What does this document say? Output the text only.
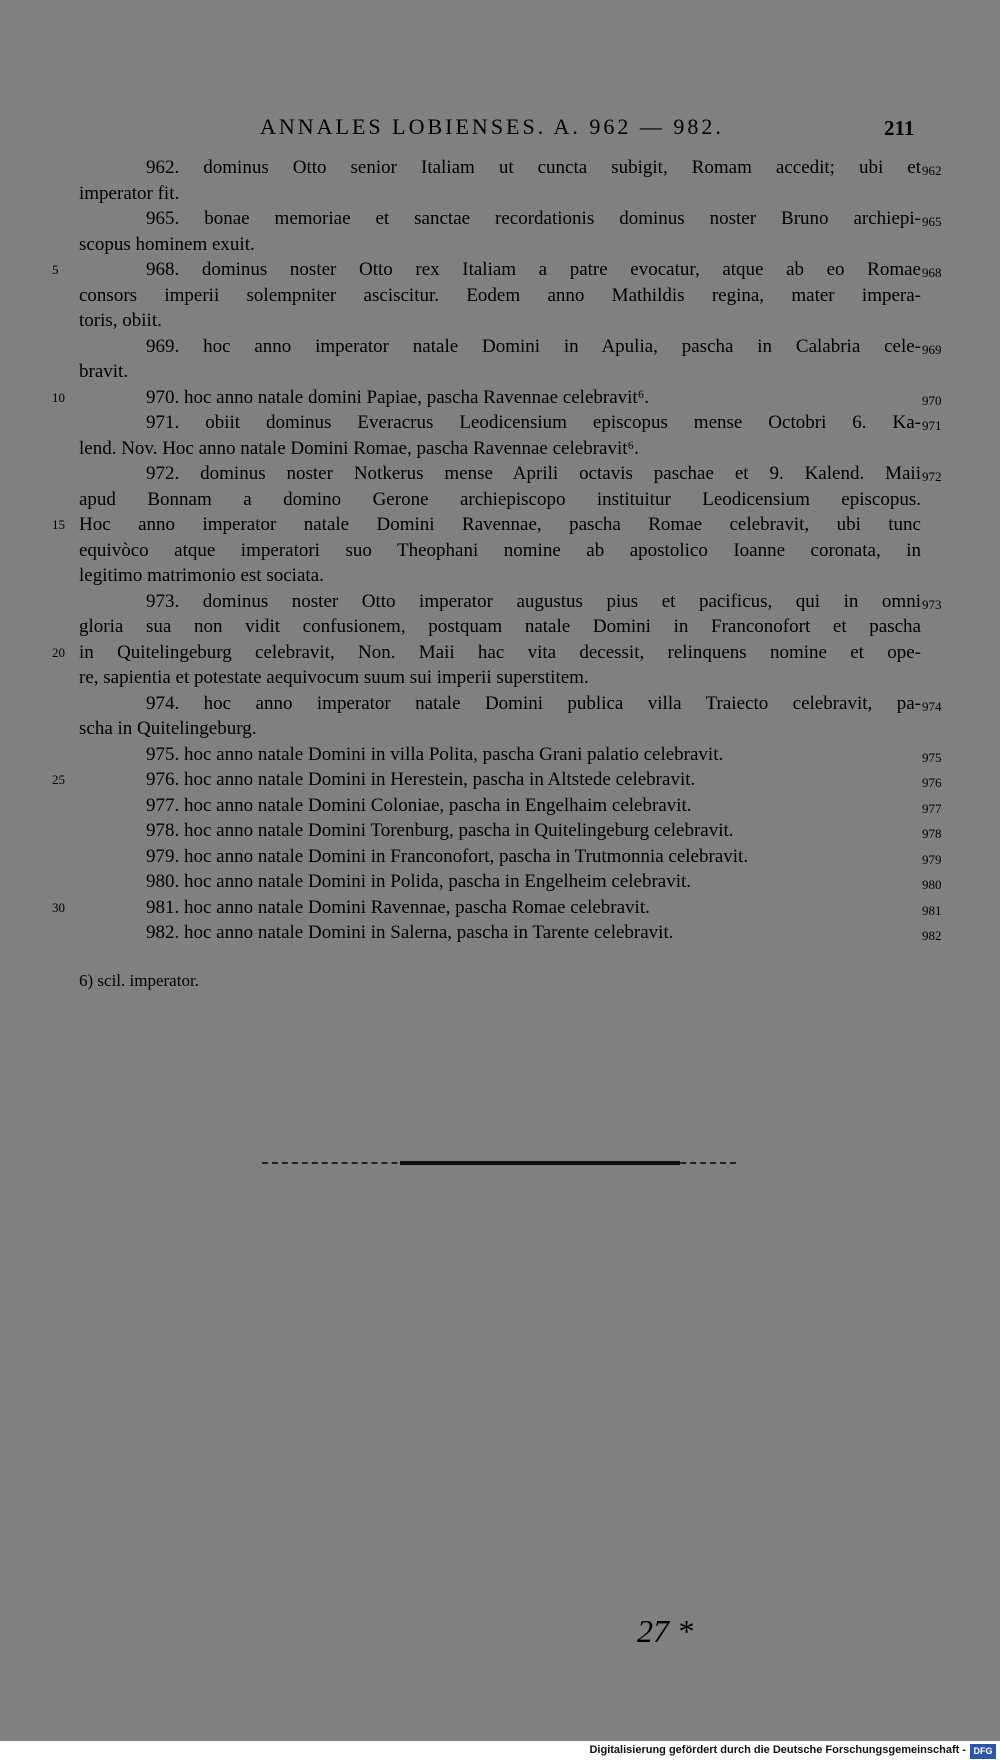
ANNALES LOBIENSES. A. 962 — 982.	211
962. dominus Otto senior Italiam ut cuncta subigit, Romam accedit; ubi et 962
imperator fit.
965. bonae memoriae et sanctae recordationis dominus noster Bruno archiepi- 965
scopus hominem exuit.
5	968. dominus noster Otto rex Italiam a patre evocatur, atque ab eo Romae 968
consors imperii solempniter asciscitur. Eodem anno Mathildis regina, mater impera-
toris, obiit.
969. hoc anno imperator natale Domini in Apulia, pascha in Calabria cele- 969
bravit.
10	970. hoc anno natale domini Papiae, pascha Ravennae celebravit⁶.	970
971. obiit dominus Everacrus Leodicensium episcopus mense Octobri 6. Ka- 971
lend. Nov. Hoc anno natale Domini Romae, pascha Ravennae celebravit⁶.
972. dominus noster Notkerus mense Aprili octavis paschae et 9. Kalend. Maii 972
apud Bonnam a domino Gerone archiepiscopo instituitur Leodicensium episcopus.
15 Hoc anno imperator natale Domini Ravennae, pascha Romae celebravit, ubi tunc
equivòco atque imperatori suo Theophani nomine ab apostolico Ioanne coronata, in
legitimo matrimonio est sociata.
973. dominus noster Otto imperator augustus pius et pacificus, qui in omni 973
gloria sua non vidit confusionem, postquam natale Domini in Franconofort et pascha
20 in Quitelingeburg celebravit, Non. Maii hac vita decessit, relinquens nomine et ope-
re, sapientia et potestate aequivocum suum sui imperii superstitem.
974. hoc anno imperator natale Domini publica villa Traiecto celebravit, pa- 974
scha in Quitelingeburg.
975. hoc anno natale Domini in villa Polita, pascha Grani palatio celebravit.	975
25	976. hoc anno natale Domini in Herestein, pascha in Altstede celebravit.	976
977. hoc anno natale Domini Coloniae, pascha in Engelhaim celebravit.	977
978. hoc anno natale Domini Torenburg, pascha in Quitelingeburg celebravit.	978
979. hoc anno natale Domini in Franconofort, pascha in Trutmonnia celebravit.	979
980. hoc anno natale Domini in Polida, pascha in Engelheim celebravit.	980
30	981. hoc anno natale Domini Ravennae, pascha Romae celebravit.	981
982. hoc anno natale Domini in Salerna, pascha in Tarente celebravit.	982
6) scil. imperator.
27 *
Digitalisierung gefördert durch die Deutsche Forschungsgemeinschaft - DFG
